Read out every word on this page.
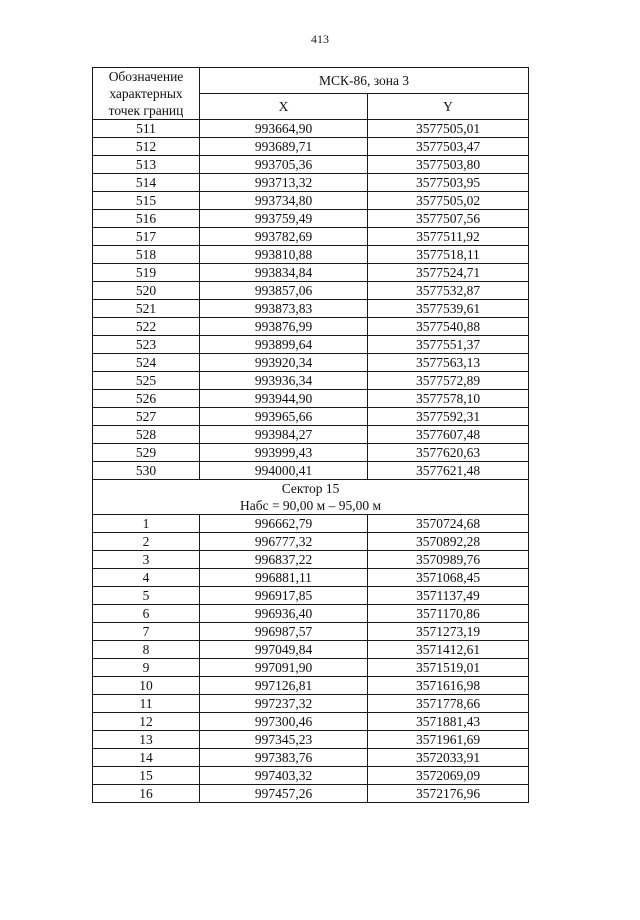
413
Обозначение
характерных
точек границ	МСК-86, зона 3	
	X	Y
511	993664,90	3577505,01
512	993689,71	3577503,47
513	993705,36	3577503,80
514	993713,32	3577503,95
515	993734,80	3577505,02
516	993759,49	3577507,56
517	993782,69	3577511,92
518	993810,88	3577518,11
519	993834,84	3577524,71
520	993857,06	3577532,87
521	993873,83	3577539,61
522	993876,99	3577540,88
523	993899,64	3577551,37
524	993920,34	3577563,13
525	993936,34	3577572,89
526	993944,90	3577578,10
527	993965,66	3577592,31
528	993984,27	3577607,48
529	993999,43	3577620,63
530	994000,41	3577621,48

Сектор 15
Набс = 90,00 м – 95,00 м		

1	996662,79	3570724,68
2	996777,32	3570892,28
3	996837,22	3570989,76
4	996881,11	3571068,45
5	996917,85	3571137,49
6	996936,40	3571170,86
7	996987,57	3571273,19
8	997049,84	3571412,61
9	997091,90	3571519,01
10	997126,81	3571616,98
11	997237,32	3571778,66
12	997300,46	3571881,43
13	997345,23	3571961,69
14	997383,76	3572033,91
15	997403,32	3572069,09
16	997457,26	3572176,96
